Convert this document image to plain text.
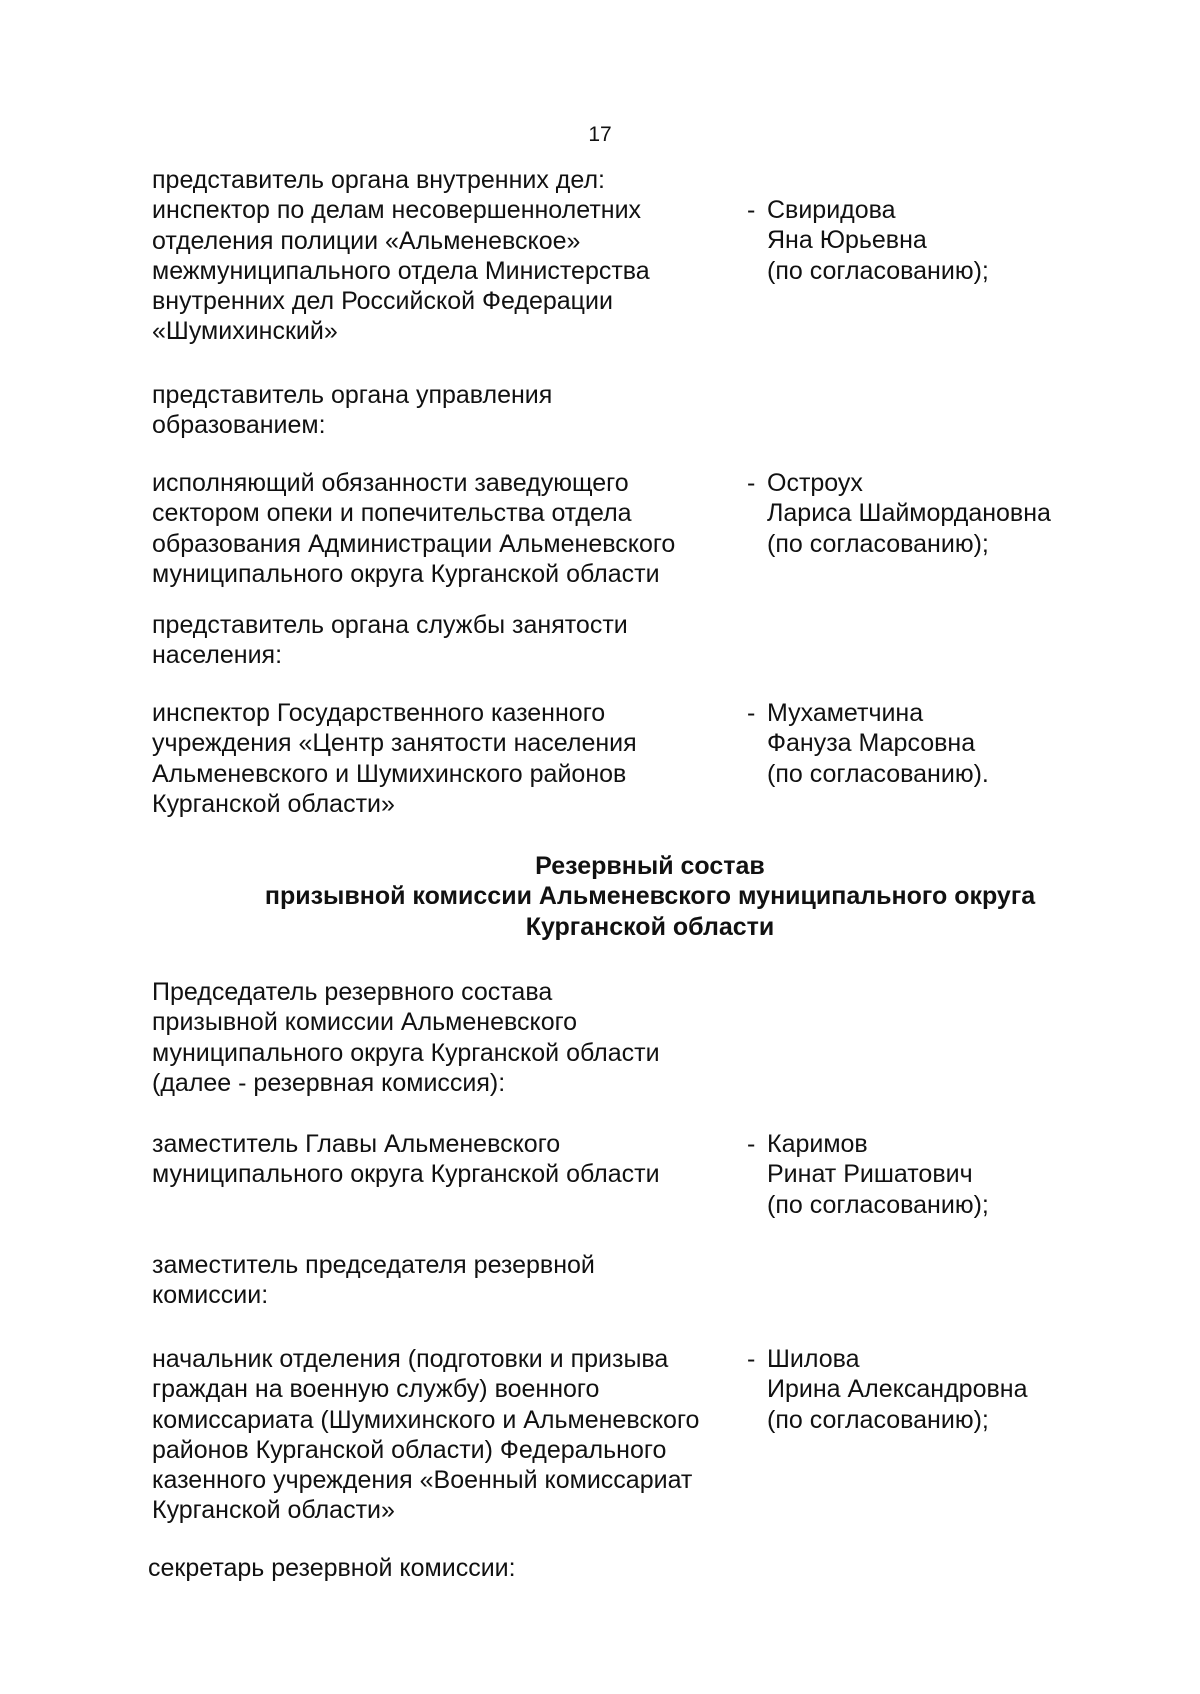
17
представитель органа внутренних дел:
инспектор по делам несовершеннолетних
отделения полиции «Альменевское»
межмуниципального отдела Министерства
внутренних дел Российской Федерации
«Шумихинский»
- Свиридова
Яна Юрьевна
(по согласованию);
представитель органа управления
образованием:
исполняющий обязанности заведующего
сектором опеки и попечительства отдела
образования Администрации Альменевского
муниципального округа Курганской области
- Остроух
Лариса Шаймордановна
(по согласованию);
представитель органа службы занятости
населения:
инспектор Государственного казенного
учреждения «Центр занятости населения
Альменевского и Шумихинского районов
Курганской области»
- Мухаметчина
Фануза Марсовна
(по согласованию).
Резервный состав
призывной комиссии Альменевского муниципального округа
Курганской области
Председатель резервного состава
призывной комиссии Альменевского
муниципального округа Курганской области
(далее - резервная комиссия):
заместитель Главы Альменевского
муниципального округа Курганской области
- Каримов
Ринат Ришатович
(по согласованию);
заместитель председателя резервной
комиссии:
начальник отделения (подготовки и призыва
граждан на военную службу) военного
комиссариата (Шумихинского и Альменевского
районов Курганской области) Федерального
казенного учреждения «Военный комиссариат
Курганской области»
- Шилова
Ирина Александровна
(по согласованию);
секретарь резервной комиссии:
